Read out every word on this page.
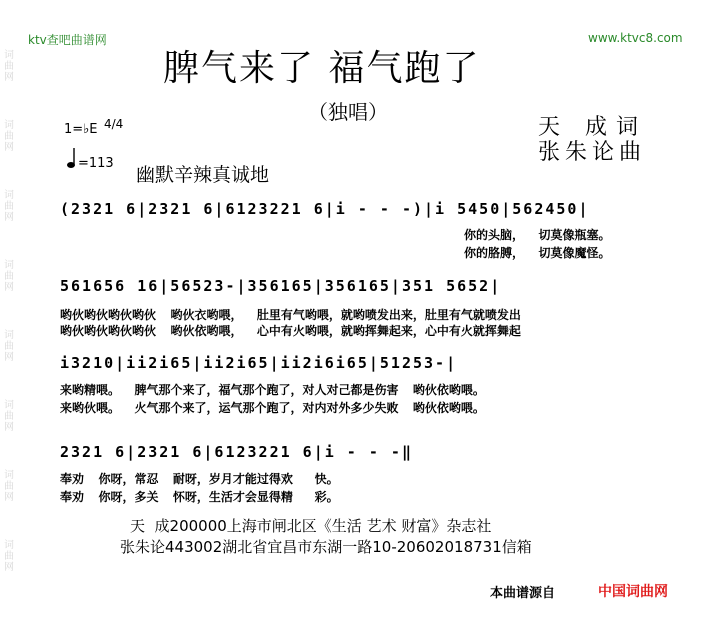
词曲网
词曲网
词曲网
词曲网
词曲网
词曲网
词曲网
词曲网
ktv查吧曲谱网	www.ktvc8.com
脾气来了 福气跑了
（独唱）
天 成词
张朱论曲
1=♭E 4/4
=113
幽默辛辣真诚地
(2321 6|2321 6|6123221 6|i - - -)|i 5450|562450|
你的头脑，  切莫像瓶塞。
你的胳膊，  切莫像魔怪。
561656 16|56523-|356165|356165|351 5652|
哟伙哟伙哟伙哟伙  哟伙衣哟喂，  肚里有气哟喂，就哟喷发出来，肚里有气就喷发出
哟伙哟伙哟伙哟伙  哟伙依哟喂，  心中有火哟喂，就哟挥舞起来，心中有火就挥舞起
i3210|ii2i65|ii2i65|ii2i6i65|51253-|
来哟精喂。  脾气那个来了，福气那个跑了，对人对己都是伤害  哟伙依哟喂。
来哟伙喂。  火气那个来了，运气那个跑了，对内对外多少失败  哟伙依哟喂。
2321 6|2321 6|6123221 6|i - - -‖
奉劝  你呀，常忍  耐呀，岁月才能过得欢   快。
奉劝  你呀，多关  怀呀，生活才会显得精   彩。
天  成200000上海市闸北区《生活 艺术 财富》杂志社
张朱论443002湖北省宜昌市东湖一路10-20602018731信箱
本曲谱源自	中国词曲网
